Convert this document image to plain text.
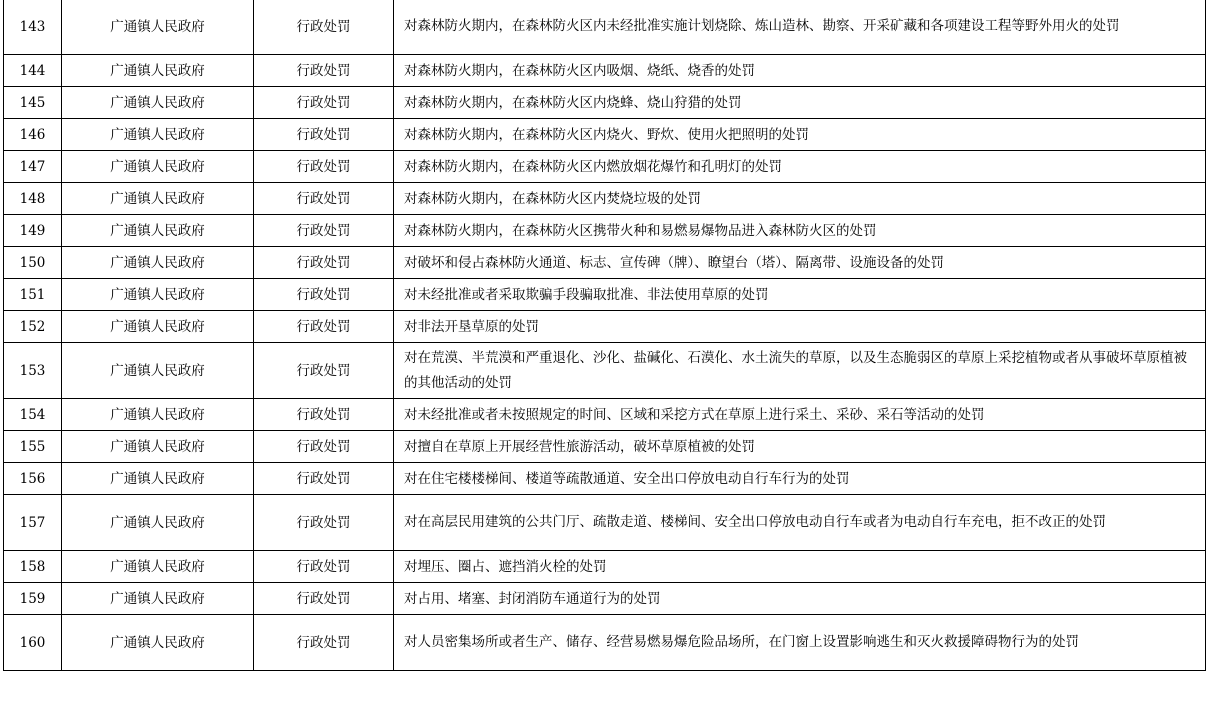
143	广通镇人民政府	行政处罚	对森林防火期内，在森林防火区内未经批准实施计划烧除、炼山造林、勘察、开采矿藏和各项建设工程等野外用火的处罚
144	广通镇人民政府	行政处罚	对森林防火期内，在森林防火区内吸烟、烧纸、烧香的处罚
145	广通镇人民政府	行政处罚	对森林防火期内，在森林防火区内烧蜂、烧山狩猎的处罚
146	广通镇人民政府	行政处罚	对森林防火期内，在森林防火区内烧火、野炊、使用火把照明的处罚
147	广通镇人民政府	行政处罚	对森林防火期内，在森林防火区内燃放烟花爆竹和孔明灯的处罚
148	广通镇人民政府	行政处罚	对森林防火期内，在森林防火区内焚烧垃圾的处罚
149	广通镇人民政府	行政处罚	对森林防火期内，在森林防火区携带火种和易燃易爆物品进入森林防火区的处罚
150	广通镇人民政府	行政处罚	对破坏和侵占森林防火通道、标志、宣传碑（牌）、瞭望台（塔）、隔离带、设施设备的处罚
151	广通镇人民政府	行政处罚	对未经批准或者采取欺骗手段骗取批准、非法使用草原的处罚
152	广通镇人民政府	行政处罚	对非法开垦草原的处罚
153	广通镇人民政府	行政处罚	对在荒漠、半荒漠和严重退化、沙化、盐碱化、石漠化、水土流失的草原，以及生态脆弱区的草原上采挖植物或者从事破坏草原植被的其他活动的处罚
154	广通镇人民政府	行政处罚	对未经批准或者未按照规定的时间、区域和采挖方式在草原上进行采土、采砂、采石等活动的处罚
155	广通镇人民政府	行政处罚	对擅自在草原上开展经营性旅游活动，破坏草原植被的处罚
156	广通镇人民政府	行政处罚	对在住宅楼楼梯间、楼道等疏散通道、安全出口停放电动自行车行为的处罚
157	广通镇人民政府	行政处罚	对在高层民用建筑的公共门厅、疏散走道、楼梯间、安全出口停放电动自行车或者为电动自行车充电，拒不改正的处罚
158	广通镇人民政府	行政处罚	对埋压、圈占、遮挡消火栓的处罚
159	广通镇人民政府	行政处罚	对占用、堵塞、封闭消防车通道行为的处罚
160	广通镇人民政府	行政处罚	对人员密集场所或者生产、储存、经营易燃易爆危险品场所，在门窗上设置影响逃生和灭火救援障碍物行为的处罚
